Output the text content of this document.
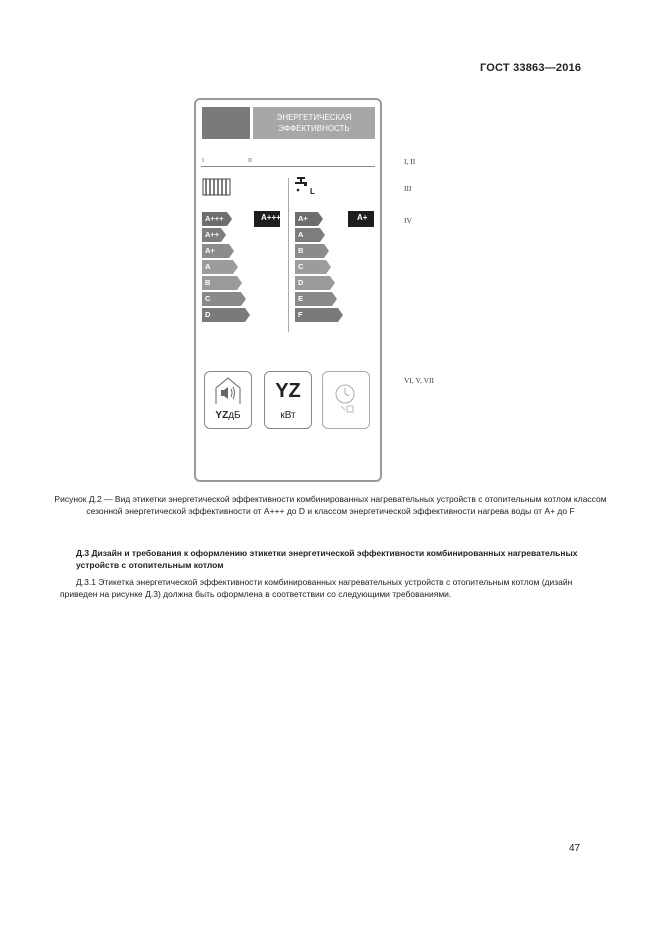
ГОСТ 33863—2016
ЭНЕРГЕТИЧЕСКАЯ
ЭФФЕКТИВНОСТЬ
I	II
L
A+++
A++
A+
A
B
C
D
A+++ A+
A
B
C
D
E
F
A+
YZдБ
YZ
кВт
I, II
III
IV
VI, V, VII
Рисунок Д.2 — Вид этикетки энергетической эффективности комбинированных нагревательных устройств с отопительным котлом классом сезонной энергетической эффективности от А+++ до D и классом энергетической эффективности нагрева воды от А+ до F
Д.3 Дизайн и требования к оформлению этикетки энергетической эффективности комбинированных нагревательных устройств с отопительным котлом
Д.3.1 Этикетка энергетической эффективности комбинированных нагревательных устройств с отопительным котлом (дизайн приведен на рисунке Д.3) должна быть оформлена в соответствии со следующими требованиями.
47
